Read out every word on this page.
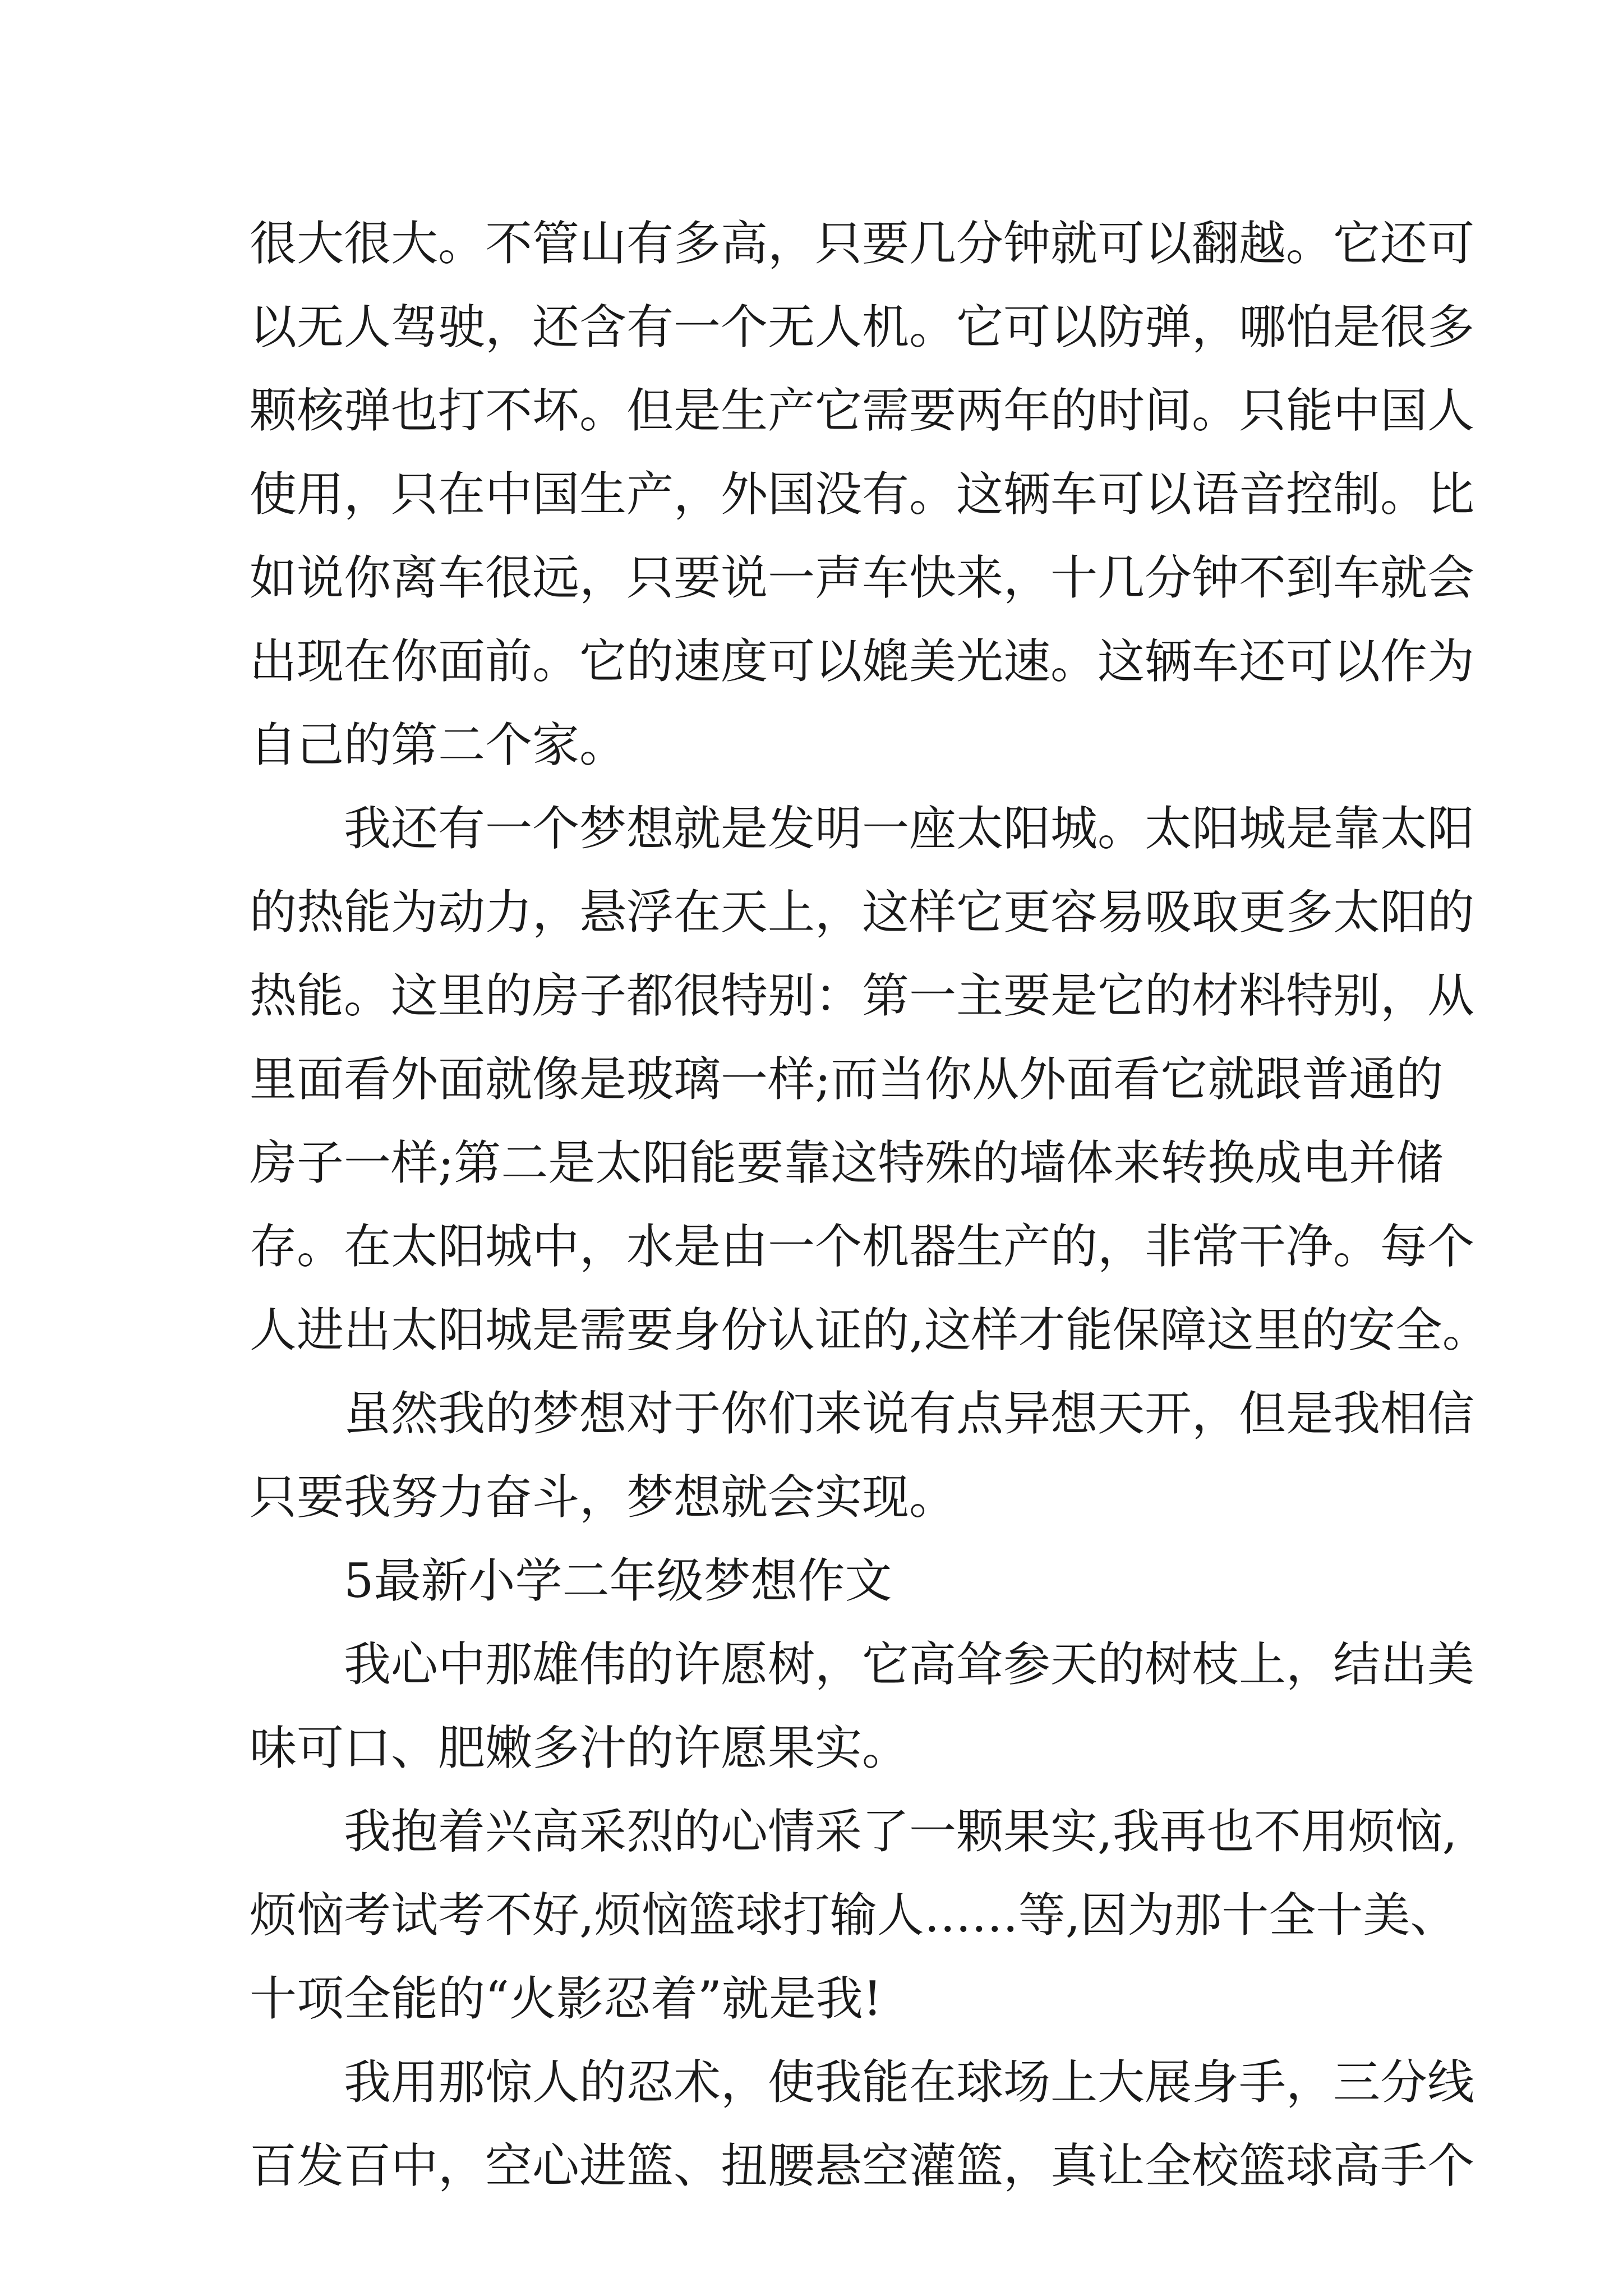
很大很大。不管山有多高，只要几分钟就可以翻越。它还可
以无人驾驶，还含有一个无人机。它可以防弹，哪怕是很多
颗核弹也打不坏。但是生产它需要两年的时间。只能中国人
使用，只在中国生产，外国没有。这辆车可以语音控制。比
如说你离车很远，只要说一声车快来，十几分钟不到车就会
出现在你面前。它的速度可以媲美光速。这辆车还可以作为
自己的第二个家。
我还有一个梦想就是发明一座太阳城。太阳城是靠太阳
的热能为动力，悬浮在天上，这样它更容易吸取更多太阳的
热能。这里的房子都很特别：第一主要是它的材料特别，从
里面看外面就像是玻璃一样;而当你从外面看它就跟普通的
房子一样;第二是太阳能要靠这特殊的墙体来转换成电并储
存。在太阳城中，水是由一个机器生产的，非常干净。每个
人进出太阳城是需要身份认证的,这样才能保障这里的安全。
虽然我的梦想对于你们来说有点异想天开，但是我相信
只要我努力奋斗，梦想就会实现。
5最新小学二年级梦想作文
我心中那雄伟的许愿树，它高耸参天的树枝上，结出美
味可口、肥嫩多汁的许愿果实。
我抱着兴高采烈的心情采了一颗果实,我再也不用烦恼,
烦恼考试考不好,烦恼篮球打输人……等,因为那十全十美、
十项全能的“火影忍着”就是我!
我用那惊人的忍术，使我能在球场上大展身手，三分线
百发百中，空心进篮、扭腰悬空灌篮，真让全校篮球高手个
